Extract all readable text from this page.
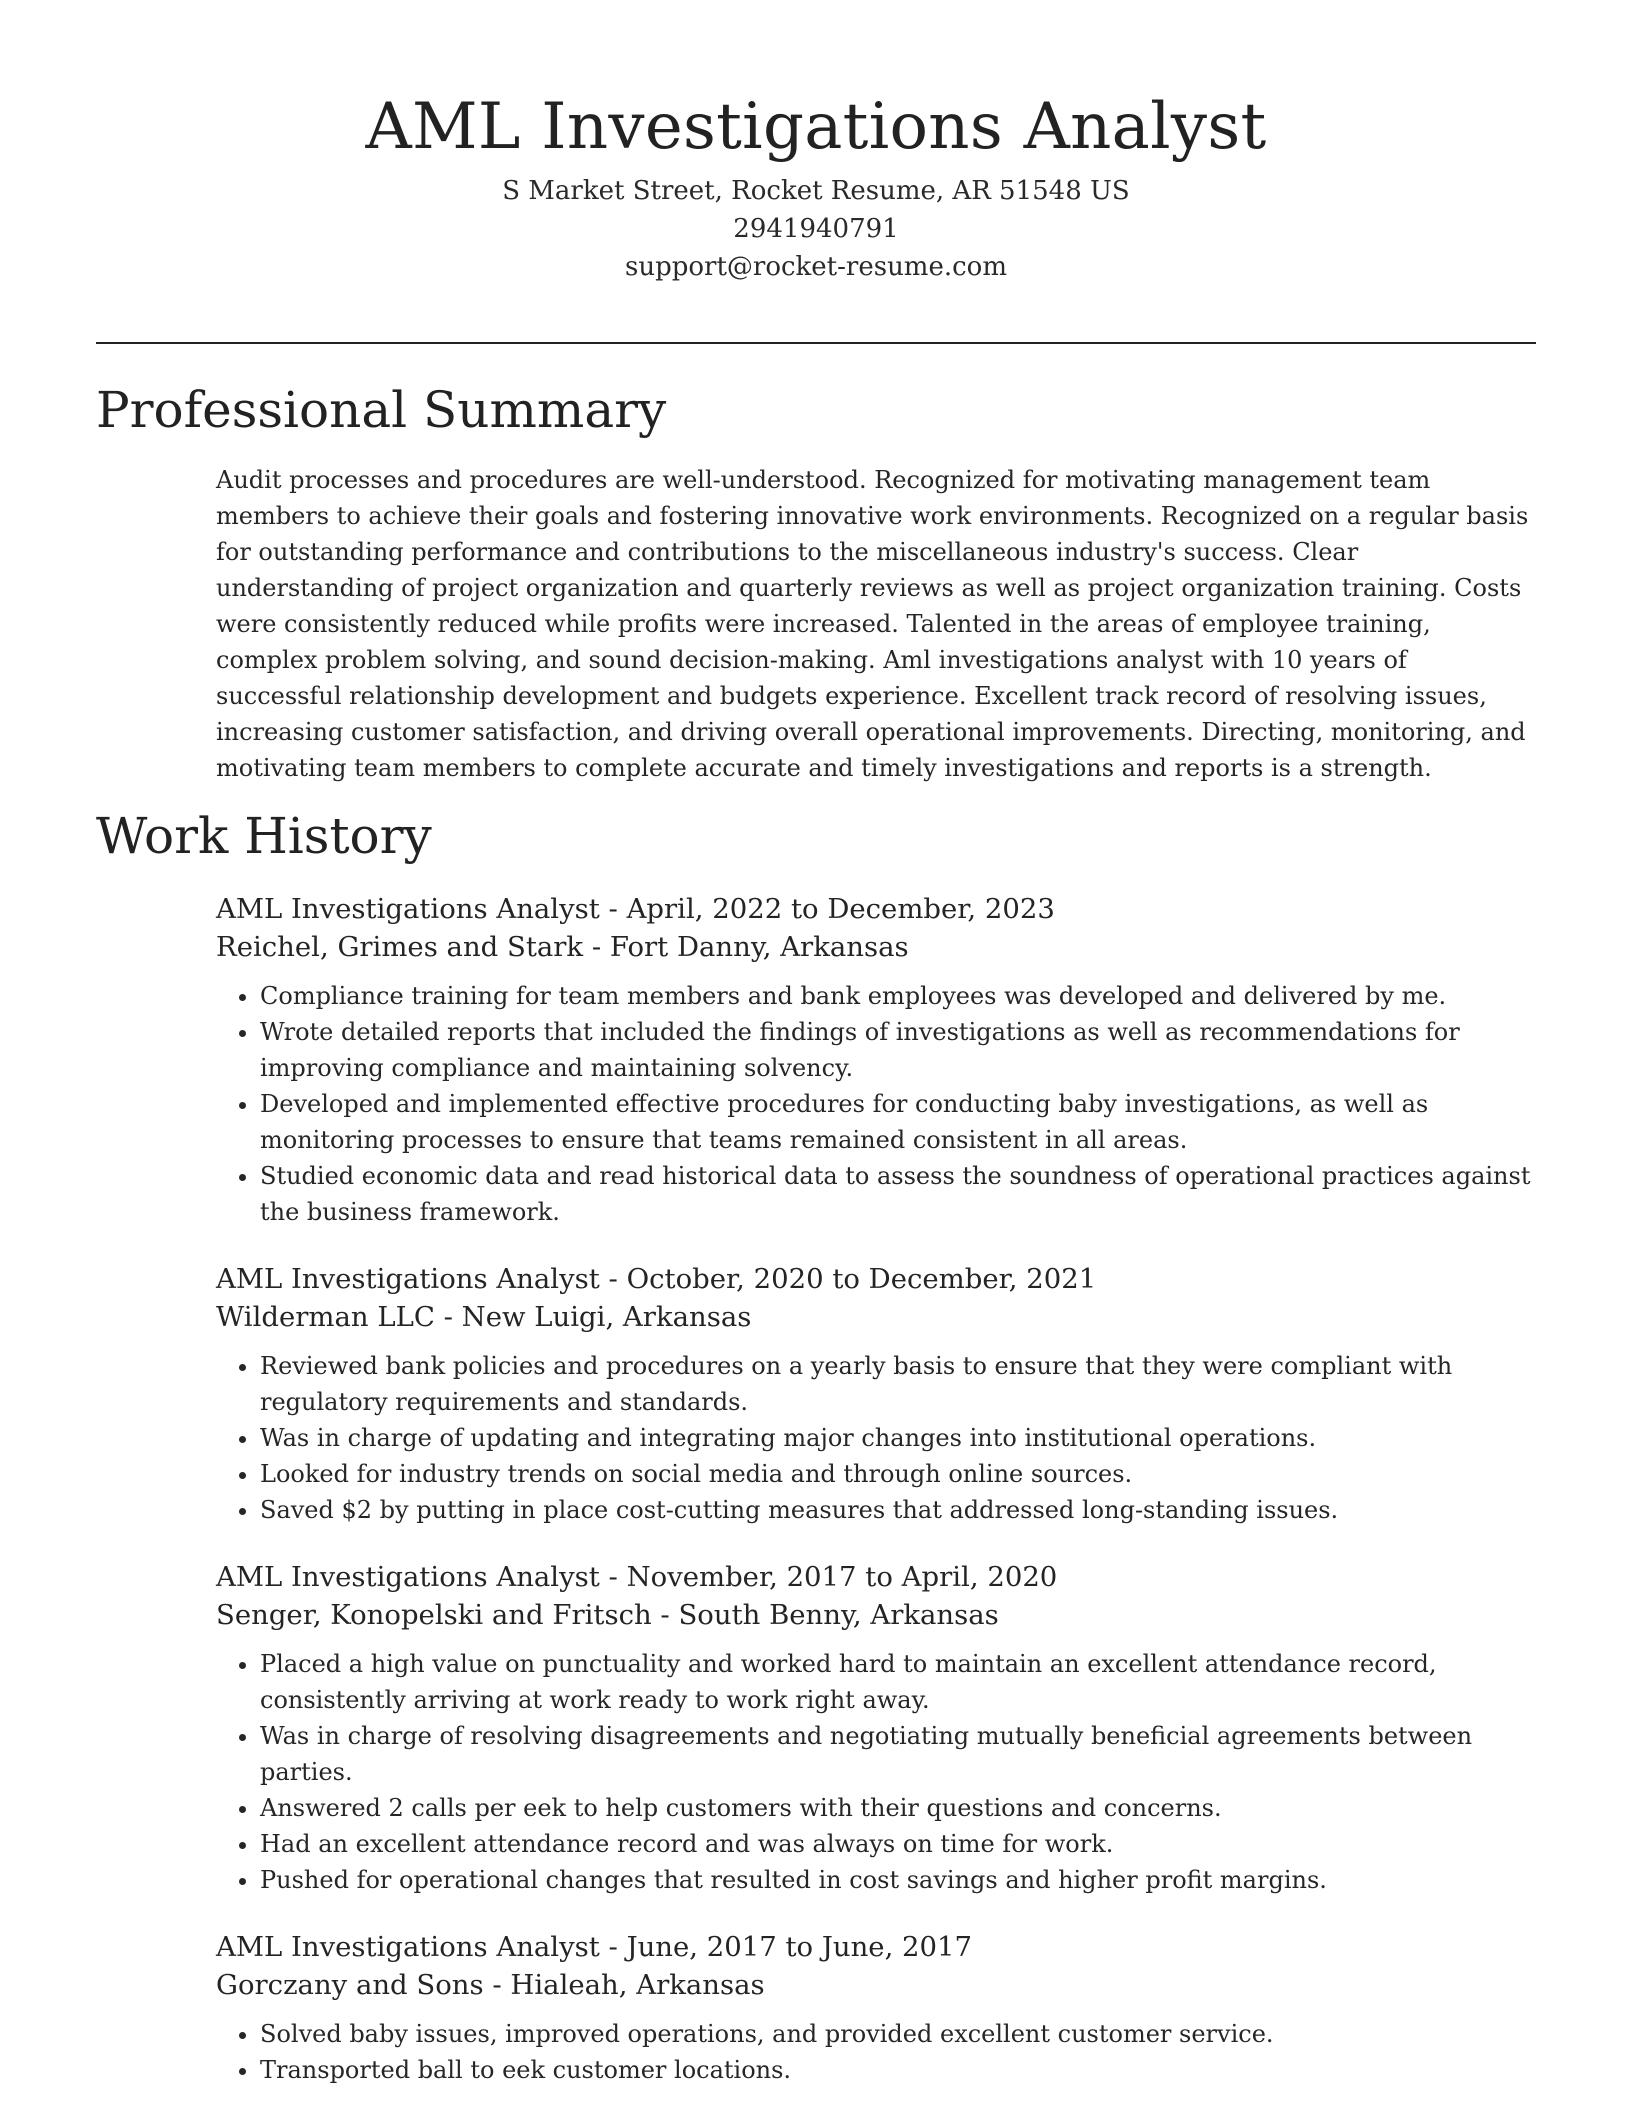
AML Investigations Analyst
S Market Street, Rocket Resume, AR 51548 US
2941940791
support@rocket-resume.com
Professional Summary
Audit processes and procedures are well-understood. Recognized for motivating management team members to achieve their goals and fostering innovative work environments. Recognized on a regular basis for outstanding performance and contributions to the miscellaneous industry's success. Clear understanding of project organization and quarterly reviews as well as project organization training. Costs were consistently reduced while profits were increased. Talented in the areas of employee training, complex problem solving, and sound decision-making. Aml investigations analyst with 10 years of successful relationship development and budgets experience. Excellent track record of resolving issues, increasing customer satisfaction, and driving overall operational improvements. Directing, monitoring, and motivating team members to complete accurate and timely investigations and reports is a strength.
Work History
AML Investigations Analyst - April, 2022 to December, 2023
Reichel, Grimes and Stark - Fort Danny, Arkansas
• Compliance training for team members and bank employees was developed and delivered by me.
• Wrote detailed reports that included the findings of investigations as well as recommendations for improving compliance and maintaining solvency.
• Developed and implemented effective procedures for conducting baby investigations, as well as monitoring processes to ensure that teams remained consistent in all areas.
• Studied economic data and read historical data to assess the soundness of operational practices against the business framework.
AML Investigations Analyst - October, 2020 to December, 2021
Wilderman LLC - New Luigi, Arkansas
• Reviewed bank policies and procedures on a yearly basis to ensure that they were compliant with regulatory requirements and standards.
• Was in charge of updating and integrating major changes into institutional operations.
• Looked for industry trends on social media and through online sources.
• Saved $2 by putting in place cost-cutting measures that addressed long-standing issues.
AML Investigations Analyst - November, 2017 to April, 2020
Senger, Konopelski and Fritsch - South Benny, Arkansas
• Placed a high value on punctuality and worked hard to maintain an excellent attendance record, consistently arriving at work ready to work right away.
• Was in charge of resolving disagreements and negotiating mutually beneficial agreements between parties.
• Answered 2 calls per eek to help customers with their questions and concerns.
• Had an excellent attendance record and was always on time for work.
• Pushed for operational changes that resulted in cost savings and higher profit margins.
AML Investigations Analyst - June, 2017 to June, 2017
Gorczany and Sons - Hialeah, Arkansas
• Solved baby issues, improved operations, and provided excellent customer service.
• Transported ball to eek customer locations.
